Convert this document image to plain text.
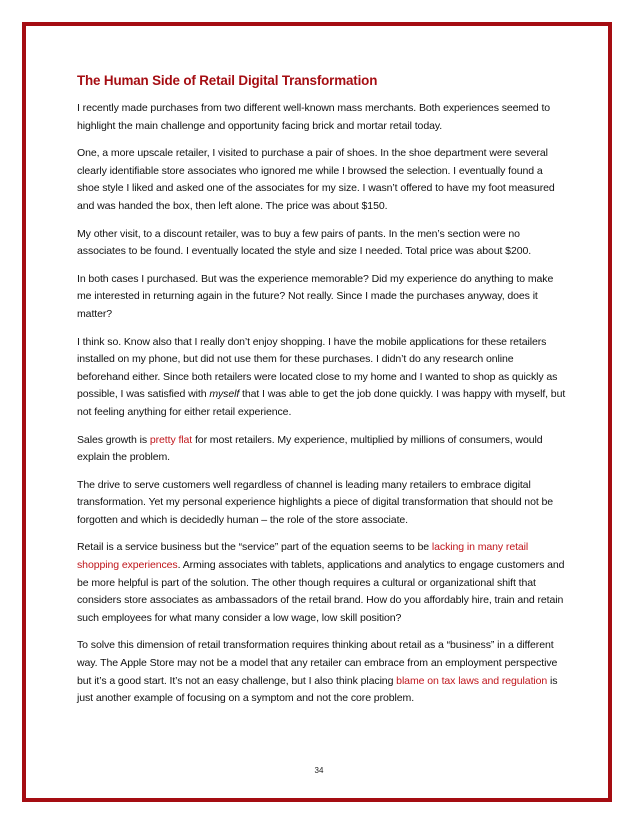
The Human Side of Retail Digital Transformation

I recently made purchases from two different well-known mass merchants. Both experiences seemed to highlight the main challenge and opportunity facing brick and mortar retail today.

One, a more upscale retailer, I visited to purchase a pair of shoes. In the shoe department were several clearly identifiable store associates who ignored me while I browsed the selection. I eventually found a shoe style I liked and asked one of the associates for my size. I wasn’t offered to have my foot measured and was handed the box, then left alone. The price was about $150.

My other visit, to a discount retailer, was to buy a few pairs of pants. In the men’s section were no associates to be found. I eventually located the style and size I needed. Total price was about $200.

In both cases I purchased. But was the experience memorable? Did my experience do anything to make me interested in returning again in the future? Not really. Since I made the purchases anyway, does it matter?

I think so. Know also that I really don’t enjoy shopping. I have the mobile applications for these retailers installed on my phone, but did not use them for these purchases. I didn’t do any research online beforehand either. Since both retailers were located close to my home and I wanted to shop as quickly as possible, I was satisfied with myself that I was able to get the job done quickly. I was happy with myself, but not feeling anything for either retail experience.

Sales growth is pretty flat for most retailers. My experience, multiplied by millions of consumers, would explain the problem.

The drive to serve customers well regardless of channel is leading many retailers to embrace digital transformation. Yet my personal experience highlights a piece of digital transformation that should not be forgotten and which is decidedly human – the role of the store associate.

Retail is a service business but the “service” part of the equation seems to be lacking in many retail shopping experiences. Arming associates with tablets, applications and analytics to engage customers and be more helpful is part of the solution. The other though requires a cultural or organizational shift that considers store associates as ambassadors of the retail brand. How do you affordably hire, train and retain such employees for what many consider a low wage, low skill position?

To solve this dimension of retail transformation requires thinking about retail as a “business” in a different way. The Apple Store may not be a model that any retailer can embrace from an employment perspective but it’s a good start. It’s not an easy challenge, but I also think placing blame on tax laws and regulation is just another example of focusing on a symptom and not the core problem.

34
